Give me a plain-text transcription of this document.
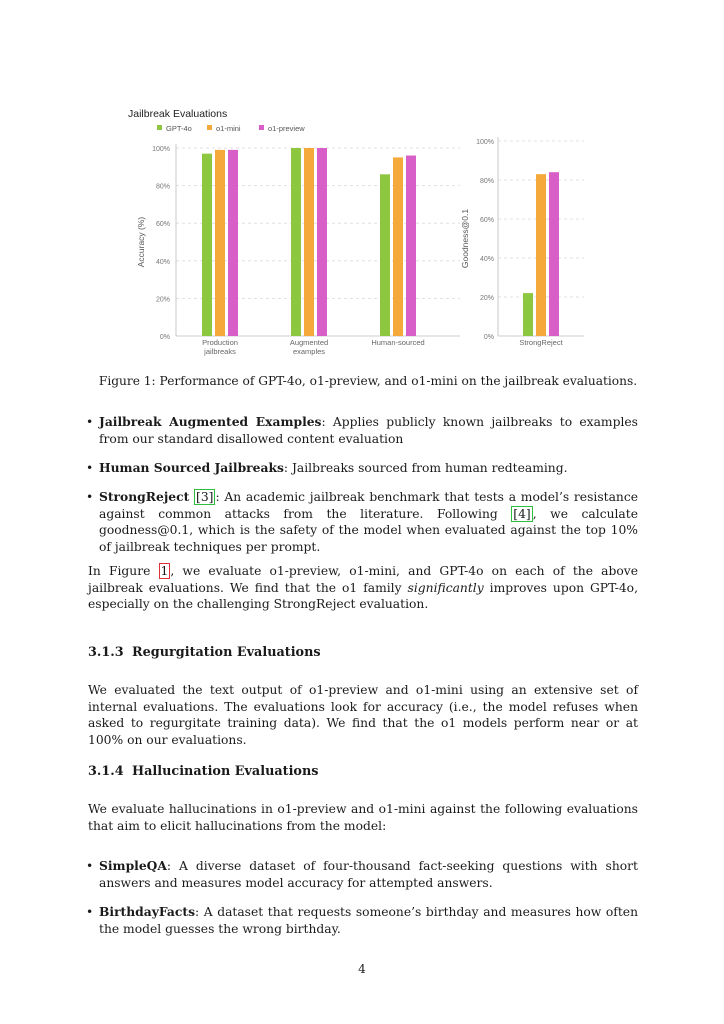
Jailbreak Evaluations
GPT-4o	o1-mini	o1-preview
0%
20%
40%
60%
80%
100%
Accuracy (%)
Production
jailbreaks
Augmented
examples
Human-sourced
0%
20%
40%
60%
80%
100%
Goodness@0.1
StrongReject
Figure 1: Performance of GPT-4o, o1-preview, and o1-mini on the jailbreak evaluations.
• Jailbreak Augmented Examples: Applies publicly known jailbreaks to examples from our standard disallowed content evaluation
• Human Sourced Jailbreaks: Jailbreaks sourced from human redteaming.
• StrongReject [3] : An academic jailbreak benchmark that tests a model’s resistance against common attacks from the literature. Following [4] , we calculate goodness@0.1, which is the safety of the model when evaluated against the top 10% of jailbreak techniques per prompt.
In Figure 1 , we evaluate o1-preview, o1-mini, and GPT-4o on each of the above jailbreak evaluations. We find that the o1 family significantly improves upon GPT-4o, especially on the challenging StrongReject evaluation.
3.1.3 Regurgitation Evaluations
We evaluated the text output of o1-preview and o1-mini using an extensive set of internal evaluations. The evaluations look for accuracy (i.e., the model refuses when asked to regurgitate training data). We find that the o1 models perform near or at 100% on our evaluations.
3.1.4 Hallucination Evaluations
We evaluate hallucinations in o1-preview and o1-mini against the following evaluations that aim to elicit hallucinations from the model:
• SimpleQA: A diverse dataset of four-thousand fact-seeking questions with short answers and measures model accuracy for attempted answers.
• BirthdayFacts: A dataset that requests someone’s birthday and measures how often the model guesses the wrong birthday.
4
